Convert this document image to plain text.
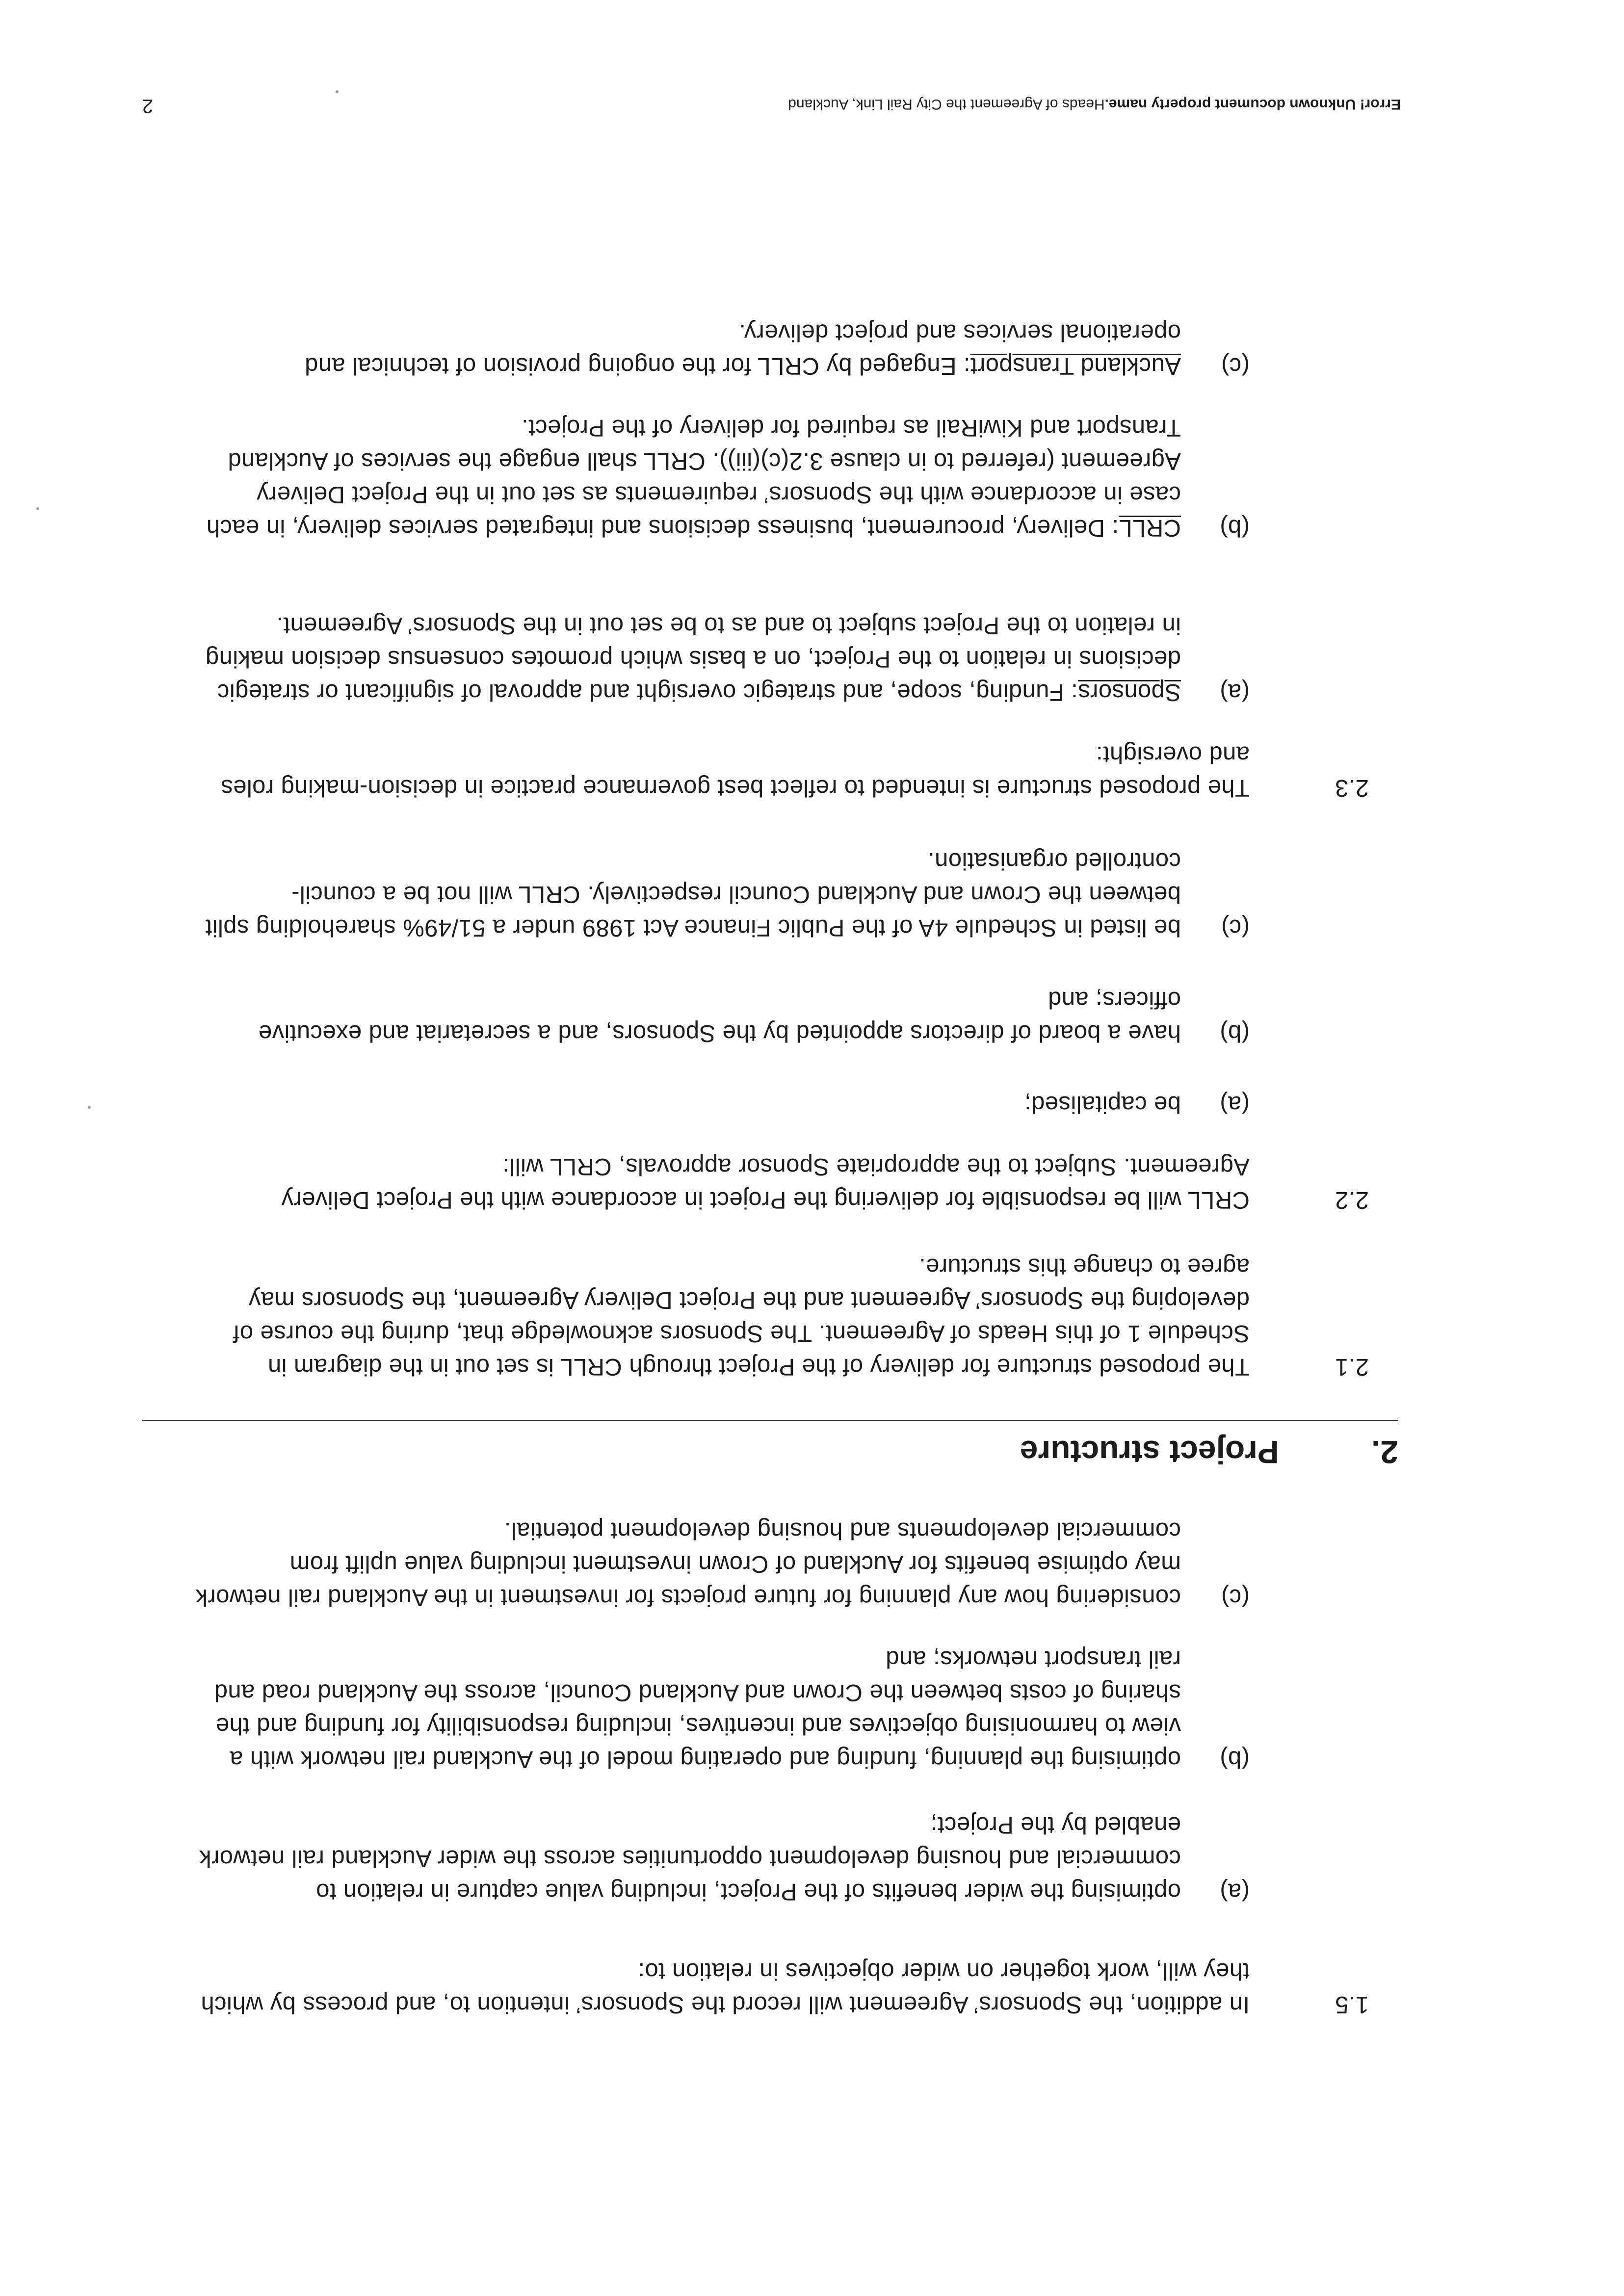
1.5
In addition, the Sponsors’ Agreement will record the Sponsors’ intention to, and process by which they will, work together on wider objectives in relation to:
(a)
optimising the wider benefits of the Project, including value capture in relation to commercial and housing development opportunities across the wider Auckland rail network enabled by the Project;
(b)
optimising the planning, funding and operating model of the Auckland rail network with a view to harmonising objectives and incentives, including responsibility for funding and the sharing of costs between the Crown and Auckland Council, across the Auckland road and rail transport networks; and
(c)
considering how any planning for future projects for investment in the Auckland rail network may optimise benefits for Auckland of Crown investment including value uplift from commercial developments and housing development potential.
2.
Project structure
2.1
The proposed structure for delivery of the Project through CRLL is set out in the diagram in Schedule 1 of this Heads of Agreement. The Sponsors acknowledge that, during the course of developing the Sponsors’ Agreement and the Project Delivery Agreement, the Sponsors may agree to change this structure.
2.2
CRLL will be responsible for delivering the Project in accordance with the Project Delivery Agreement. Subject to the appropriate Sponsor approvals, CRLL will:
(a)
be capitalised;
(b)
have a board of directors appointed by the Sponsors, and a secretariat and executive officers; and
(c)
be listed in Schedule 4A of the Public Finance Act 1989 under a 51/49% shareholding split between the Crown and Auckland Council respectively. CRLL will not be a council-controlled organisation.
2.3
The proposed structure is intended to reflect best governance practice in decision-making roles and oversight:
(a)
Sponsors: Funding, scope, and strategic oversight and approval of significant or strategic decisions in relation to the Project, on a basis which promotes consensus decision making in relation to the Project subject to and as to be set out in the Sponsors’ Agreement.
(b)
CRLL: Delivery, procurement, business decisions and integrated services delivery, in each case in accordance with the Sponsors’ requirements as set out in the Project Delivery Agreement (referred to in clause 3.2(c)(iii)). CRLL shall engage the services of Auckland Transport and KiwiRail as required for delivery of the Project.
(c)
Auckland Transport: Engaged by CRLL for the ongoing provision of technical and operational services and project delivery.
Error! Unknown document property name.Heads of Agreement the City Rail Link, Auckland
2
